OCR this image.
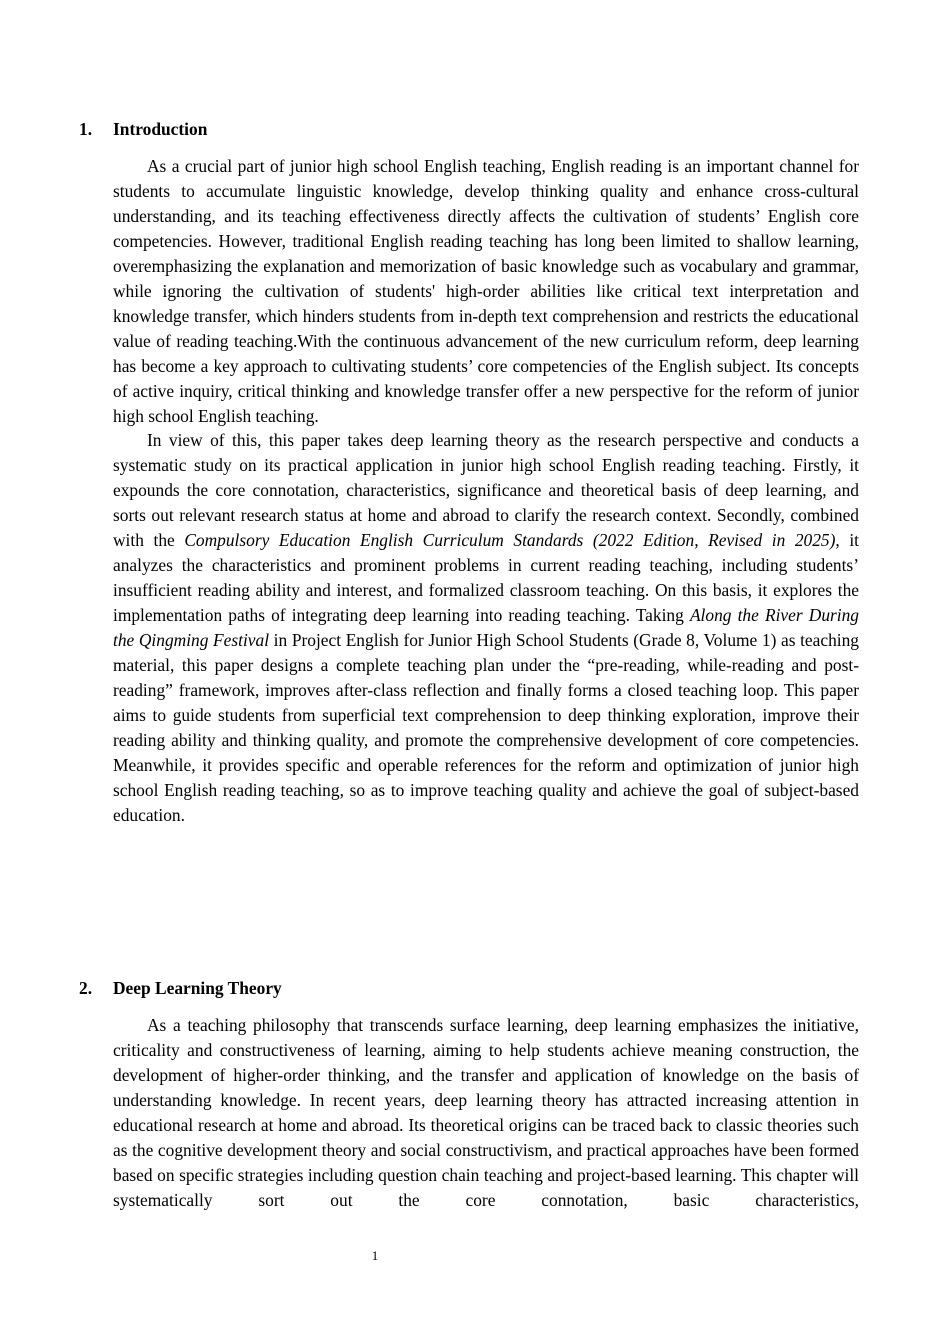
1. Introduction

As a crucial part of junior high school English teaching, English reading is an important channel for students to accumulate linguistic knowledge, develop thinking quality and enhance cross-cultural understanding, and its teaching effectiveness directly affects the cultivation of students’ English core competencies. However, traditional English reading teaching has long been limited to shallow learning, overemphasizing the explanation and memorization of basic knowledge such as vocabulary and grammar, while ignoring the cultivation of students' high-order abilities like critical text interpretation and knowledge transfer, which hinders students from in-depth text comprehension and restricts the educational value of reading teaching.With the continuous advancement of the new curriculum reform, deep learning has become a key approach to cultivating students’ core competencies of the English subject. Its concepts of active inquiry, critical thinking and knowledge transfer offer a new perspective for the reform of junior high school English teaching.

In view of this, this paper takes deep learning theory as the research perspective and conducts a systematic study on its practical application in junior high school English reading teaching. Firstly, it expounds the core connotation, characteristics, significance and theoretical basis of deep learning, and sorts out relevant research status at home and abroad to clarify the research context. Secondly, combined with the Compulsory Education English Curriculum Standards (2022 Edition, Revised in 2025), it analyzes the characteristics and prominent problems in current reading teaching, including students’ insufficient reading ability and interest, and formalized classroom teaching. On this basis, it explores the implementation paths of integrating deep learning into reading teaching. Taking Along the River During the Qingming Festival in Project English for Junior High School Students (Grade 8, Volume 1) as teaching material, this paper designs a complete teaching plan under the “pre-reading, while-reading and post-reading” framework, improves after-class reflection and finally forms a closed teaching loop. This paper aims to guide students from superficial text comprehension to deep thinking exploration, improve their reading ability and thinking quality, and promote the comprehensive development of core competencies. Meanwhile, it provides specific and operable references for the reform and optimization of junior high school English reading teaching, so as to improve teaching quality and achieve the goal of subject-based education.

2. Deep Learning Theory

As a teaching philosophy that transcends surface learning, deep learning emphasizes the initiative, criticality and constructiveness of learning, aiming to help students achieve meaning construction, the development of higher-order thinking, and the transfer and application of knowledge on the basis of understanding knowledge. In recent years, deep learning theory has attracted increasing attention in educational research at home and abroad. Its theoretical origins can be traced back to classic theories such as the cognitive development theory and social constructivism, and practical approaches have been formed based on specific strategies including question chain teaching and project-based learning. This chapter will systematically sort out the core connotation, basic characteristics,

1
